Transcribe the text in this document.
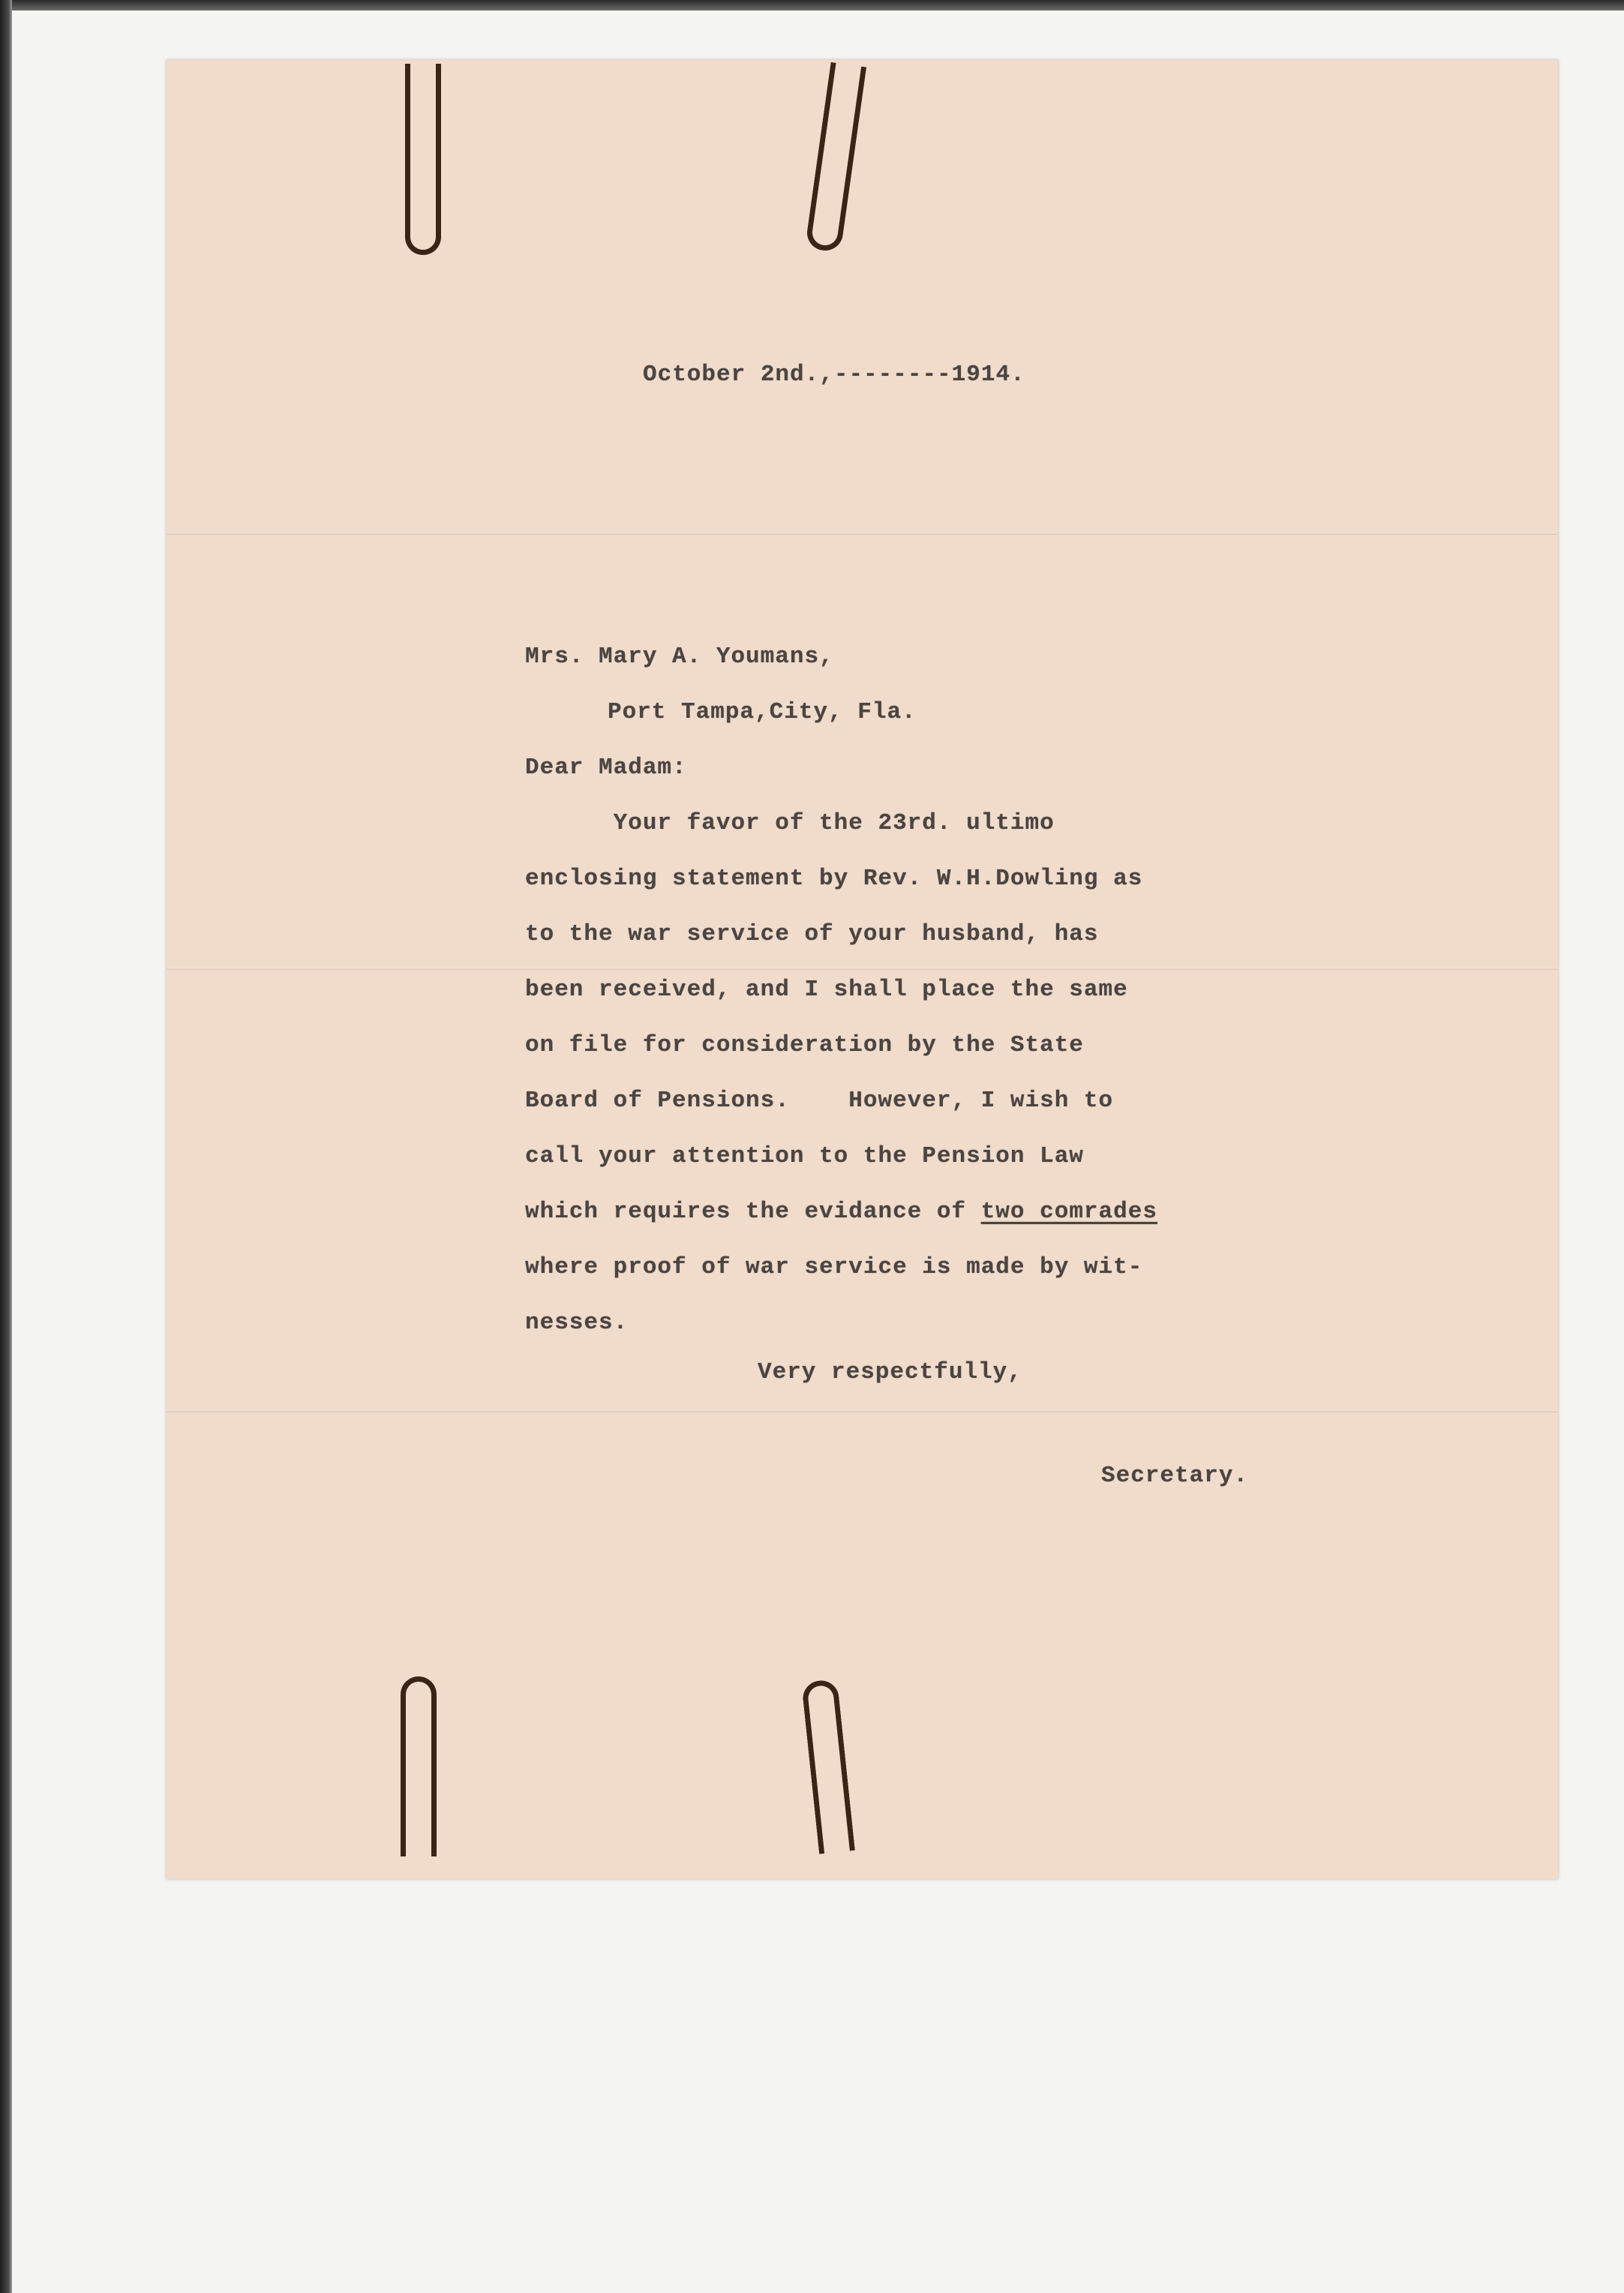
October 2nd.,--------1914.
Mrs. Mary A. Youmans,
Port Tampa,City, Fla.
Dear Madam:
Your favor of the 23rd. ultimo
enclosing statement by Rev. W.H.Dowling as
to the war service of your husband, has
been received, and I shall place the same
on file for consideration by the State
Board of Pensions.    However, I wish to
call your attention to the Pension Law
which requires the evidance of two comrades
where proof of war service is made by wit-
nesses.
Very respectfully,
Secretary.
